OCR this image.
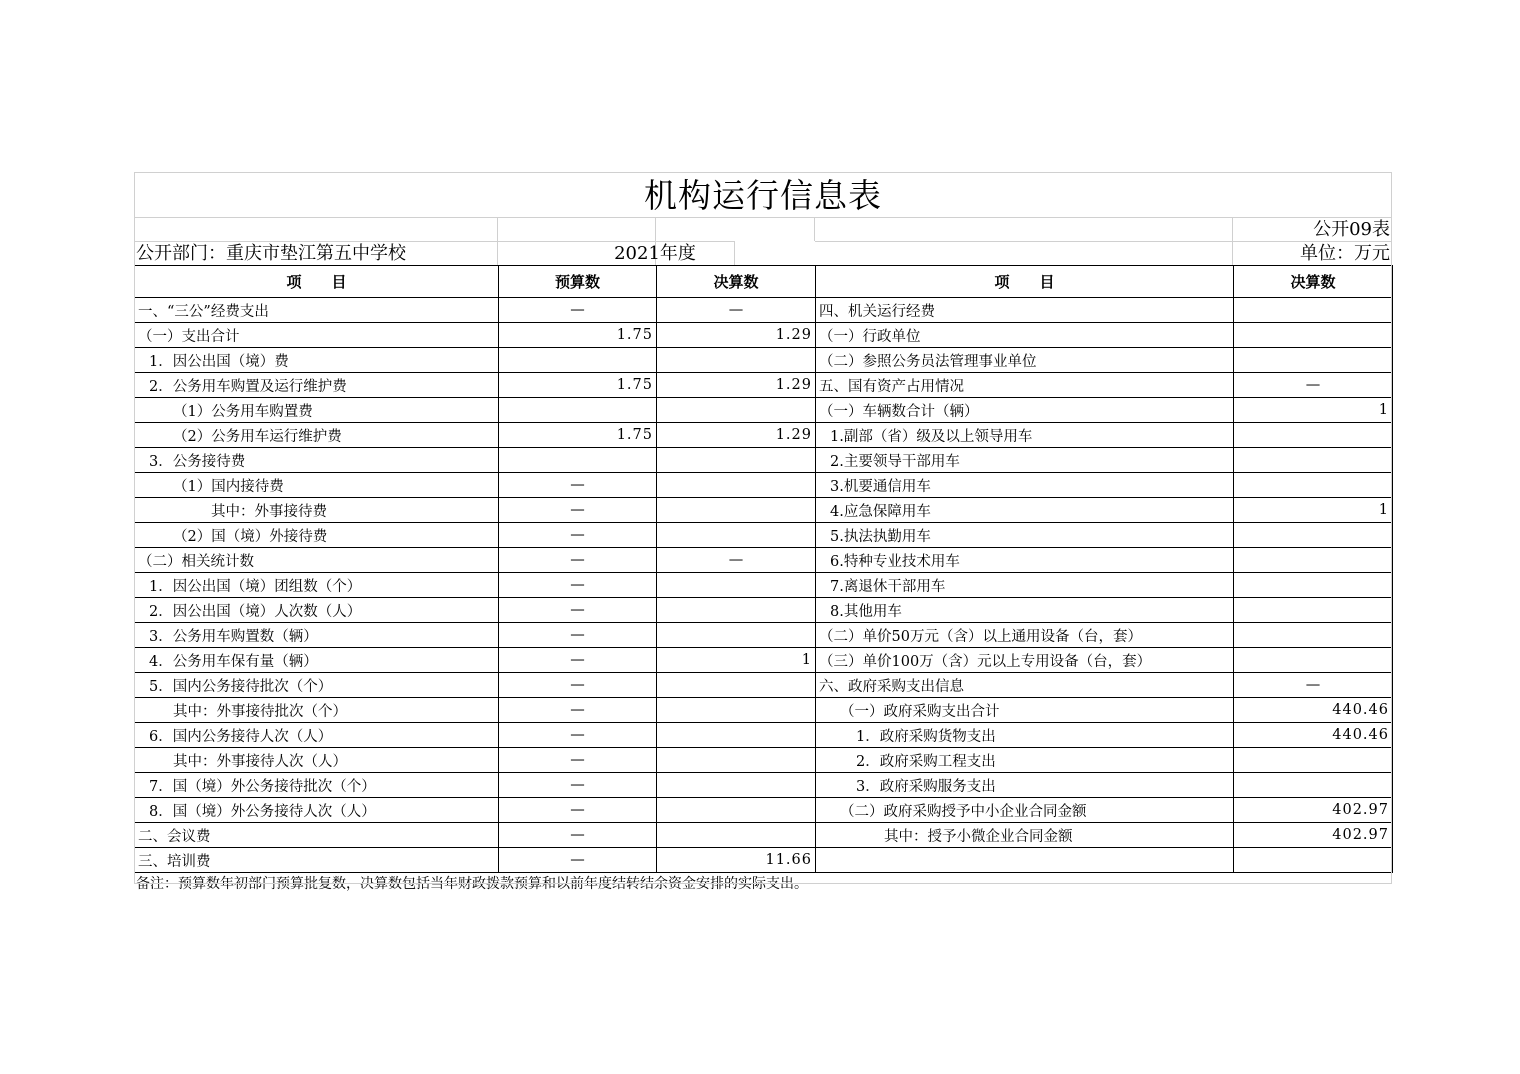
机构运行信息表
公开09表
公开部门：重庆市垫江第五中学校	2021年度	单位：万元
项　　目	预算数	决算数	项　　目	决算数
一、“三公”经费支出	—	—	四、机关运行经费	
（一）支出合计	1.75	1.29	（一）行政单位	
1．因公出国（境）费			（二）参照公务员法管理事业单位	
2．公务用车购置及运行维护费	1.75	1.29	五、国有资产占用情况	—
（1）公务用车购置费			（一）车辆数合计（辆）	1
（2）公务用车运行维护费	1.75	1.29	1.副部（省）级及以上领导用车	
3．公务接待费			2.主要领导干部用车	
（1）国内接待费	—		3.机要通信用车	
其中：外事接待费	—		4.应急保障用车	1
（2）国（境）外接待费	—		5.执法执勤用车	
（二）相关统计数	—	—	6.特种专业技术用车	
1．因公出国（境）团组数（个）	—		7.离退休干部用车	
2．因公出国（境）人次数（人）	—		8.其他用车	
3．公务用车购置数（辆）	—		（二）单价50万元（含）以上通用设备（台，套）	
4．公务用车保有量（辆）	—	1	（三）单价100万（含）元以上专用设备（台，套）	
5．国内公务接待批次（个）	—		六、政府采购支出信息	—
其中：外事接待批次（个）	—		（一）政府采购支出合计	440.46
6．国内公务接待人次（人）	—		1．政府采购货物支出	440.46
其中：外事接待人次（人）	—		2．政府采购工程支出	
7．国（境）外公务接待批次（个）	—		3．政府采购服务支出	
8．国（境）外公务接待人次（人）	—		（二）政府采购授予中小企业合同金额	402.97
二、会议费	—		其中：授予小微企业合同金额	402.97
三、培训费	—	11.66		
备注：预算数年初部门预算批复数，决算数包括当年财政拨款预算和以前年度结转结余资金安排的实际支出。
